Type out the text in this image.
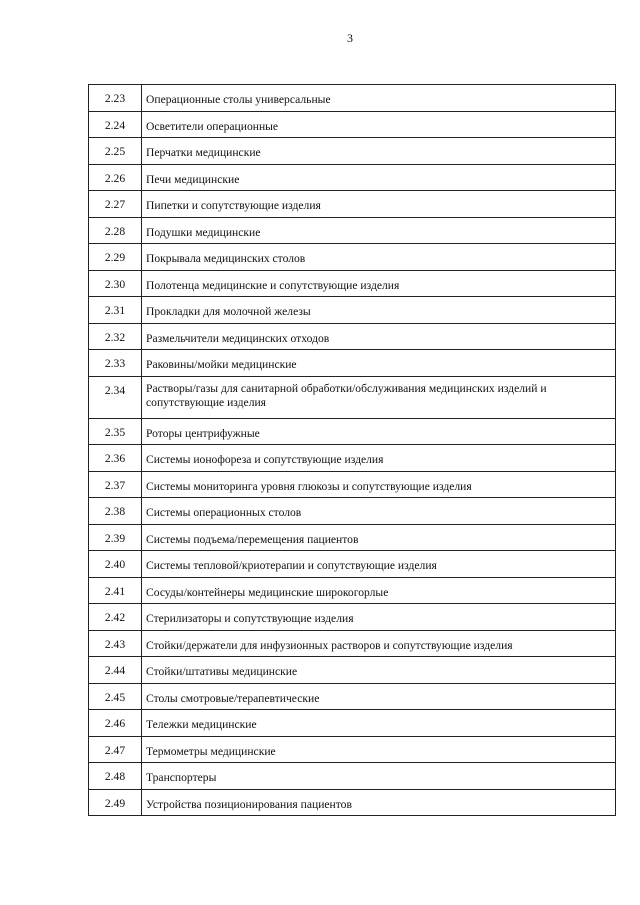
3
2.23	Операционные столы универсальные
2.24	Осветители операционные
2.25	Перчатки медицинские
2.26	Печи медицинские
2.27	Пипетки и сопутствующие изделия
2.28	Подушки медицинские
2.29	Покрывала медицинских столов
2.30	Полотенца медицинские и сопутствующие изделия
2.31	Прокладки для молочной железы
2.32	Размельчители медицинских отходов
2.33	Раковины/мойки медицинские
2.34	Растворы/газы для санитарной обработки/обслуживания медицинских изделий и сопутствующие изделия
2.35	Роторы центрифужные
2.36	Системы ионофореза и сопутствующие изделия
2.37	Системы мониторинга уровня глюкозы и сопутствующие изделия
2.38	Системы операционных столов
2.39	Системы подъема/перемещения пациентов
2.40	Системы тепловой/криотерапии и сопутствующие изделия
2.41	Сосуды/контейнеры медицинские широкогорлые
2.42	Стерилизаторы и сопутствующие изделия
2.43	Стойки/держатели для инфузионных растворов и сопутствующие изделия
2.44	Стойки/штативы медицинские
2.45	Столы смотровые/терапевтические
2.46	Тележки медицинские
2.47	Термометры медицинские
2.48	Транспортеры
2.49	Устройства позиционирования пациентов
